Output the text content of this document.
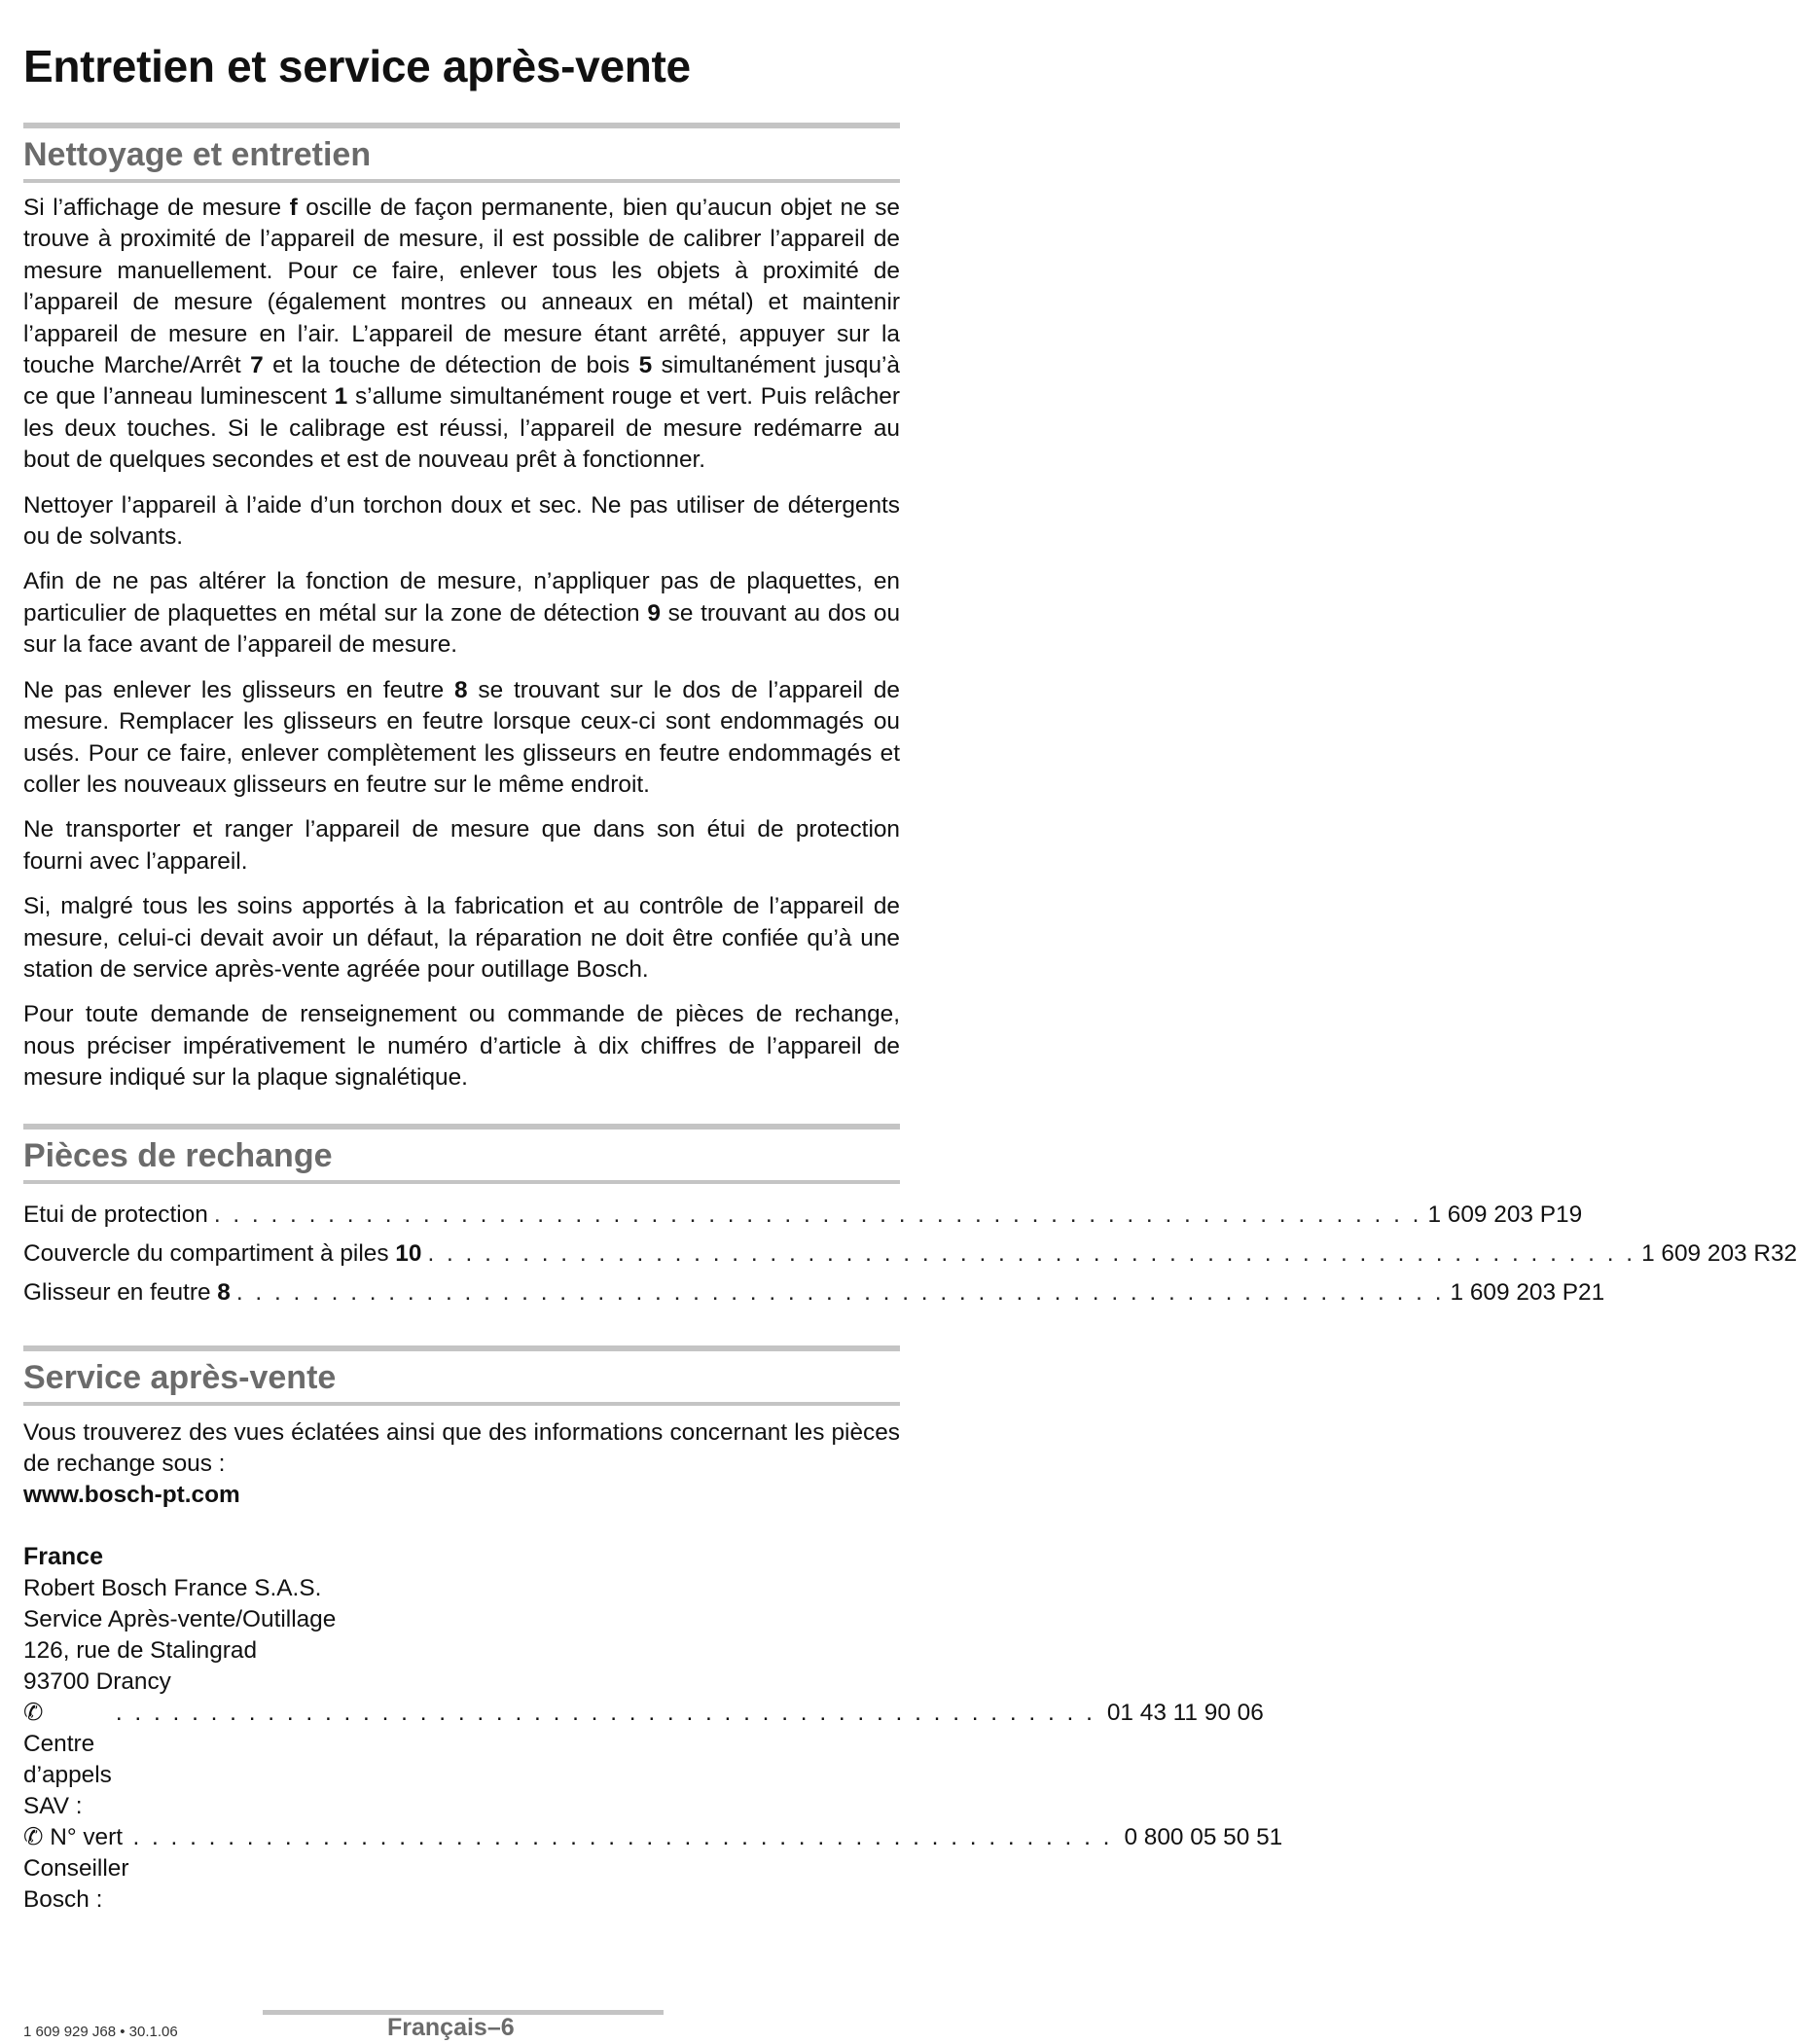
Entretien et service après-vente
Nettoyage et entretien

Si l’affichage de mesure f oscille de façon permanente, bien qu’aucun objet ne se trouve à proximité de l’appareil de mesure, il est possible de calibrer l’appareil de mesure manuellement. Pour ce faire, enlever tous les objets à proximité de l’appareil de mesure (également montres ou anneaux en métal) et maintenir l’appareil de mesure en l’air. L’appareil de mesure étant arrêté, appuyer sur la touche Marche/Arrêt 7 et la touche de détection de bois 5 simultanément jusqu’à ce que l’anneau luminescent 1 s’allume simultanément rouge et vert. Puis relâcher les deux touches. Si le calibrage est réussi, l’appareil de mesure redémarre au bout de quelques secondes et est de nouveau prêt à fonctionner.

Nettoyer l’appareil à l’aide d’un torchon doux et sec. Ne pas utiliser de détergents ou de solvants.

Afin de ne pas altérer la fonction de mesure, n’appliquer pas de plaquettes, en particulier de plaquettes en métal sur la zone de détection 9 se trouvant au dos ou sur la face avant de l’appareil de mesure.

Ne pas enlever les glisseurs en feutre 8 se trouvant sur le dos de l’appareil de mesure. Remplacer les glisseurs en feutre lorsque ceux-ci sont endommagés ou usés. Pour ce faire, enlever complètement les glisseurs en feutre endommagés et coller les nouveaux glisseurs en feutre sur le même endroit.

Ne transporter et ranger l’appareil de mesure que dans son étui de protection fourni avec l’appareil.

Si, malgré tous les soins apportés à la fabrication et au contrôle de l’appareil de mesure, celui-ci devait avoir un défaut, la réparation ne doit être confiée qu’à une station de service après-vente agréée pour outillage Bosch.

Pour toute demande de renseignement ou commande de pièces de rechange, nous préciser impérativement le numéro d’article à dix chiffres de l’appareil de mesure indiqué sur la plaque signalétique.

Pièces de rechange
Etui de protection . . . . . . . . . . . . . . . . . . . . . . . . . . . . . . . . . . . . . . . . . . . . . . . . . . . . . . . . . . . . . . . . 1 609 203 P19
Couvercle du compartiment à piles 10 . . . . . . . . . . . . . . . . . . . . . . . . . . . . . . . . . . . . . . . . . . . . . . . . . . . . . . . . . . . . . . . . 1 609 203 R32
Glisseur en feutre 8 . . . . . . . . . . . . . . . . . . . . . . . . . . . . . . . . . . . . . . . . . . . . . . . . . . . . . . . . . . . . . . . . 1 609 203 P21
Service après-vente

Vous trouverez des vues éclatées ainsi que des informations concernant les pièces de rechange sous :

www.bosch-pt.com
France
Robert Bosch France S.A.S.
Service Après-vente/Outillage
126, rue de Stalingrad
93700 Drancy
✆ Centre d’appels SAV :
. . . . . . . . . . . . . . . . . . . . . . . . . . . . . . . . . . . . . . . . . . . . . . . . . . . . 01 43 11 90 06
✆ N° vert Conseiller Bosch :
. . . . . . . . . . . . . . . . . . . . . . . . . . . . . . . . . . . . . . . . . . . . . . . . . . . . 0 800 05 50 51
1 609 929 J68 • 30.1.06	Français–6
